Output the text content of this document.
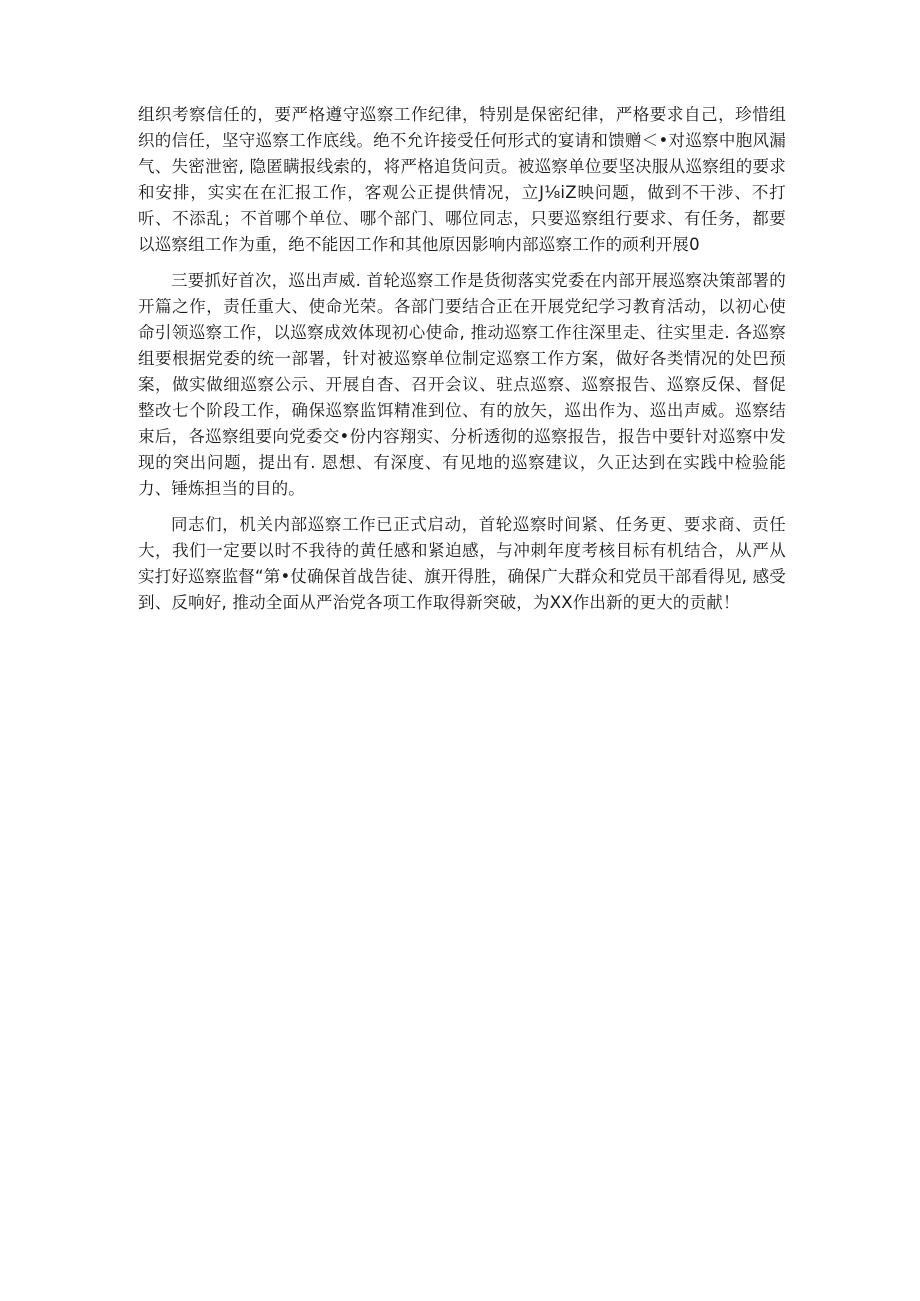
组织考察信任的，要严格遵守巡察工作纪律，特别是保密纪律，严格要求自己，珍惜组织的信任，坚守巡察工作底线。绝不允许接受任何形式的宴请和馈赠＜•对巡察中胞风漏气、失密泄密, 隐匿瞒报线索的，将严格追货问贡。被巡察单位要坚决服从巡察组的要求和安排，实实在在汇报工作，客观公正提供情况，立J⅛iZ映问题，做到不干涉、不打听、不添乱；不首哪个单位、哪个部门、哪位同志，只要巡察组行要求、有任务，都要以巡察组工作为重，绝不能因工作和其他原因影响内部巡察工作的顽利开展0

三要抓好首次，巡出声威. 首轮巡察工作是货彻落实党委在内部开展巡察决策部署的开篇之作，责任重大、使命光荣。各部门要结合正在开展党纪学习教育活动，以初心使命引领巡察工作，以巡察成效体现初心使命, 推动巡察工作往深里走、往实里走. 各巡察组要根据党委的统一部署，针对被巡察单位制定巡察工作方案，做好各类情况的处巴预案，做实做细巡察公示、开展自杳、召开会议、驻点巡察、巡察报告、巡察反保、督促整改七个阶段工作，确保巡察监饵精准到位、有的放矢，巡出作为、巡出声威。巡察结束后，各巡察组要向党委交•份内容翔实、分析透彻的巡察报告，报告中要针对巡察中发现的突出问题，提出有. 恩想、有深度、有见地的巡察建议，久正达到在实践中检验能力、锤炼担当的目的。

同志们，机关内部巡察工作已正式启动，首轮巡察时间紧、任务更、要求商、贡任大，我们一定要以时不我待的黄任感和紧迫感，与冲刺年度考核目标有机结合，从严从实打好巡察监督“第•仗确保首战告徒、旗开得胜，确保广大群众和党员干部看得见, 感受到、反响好, 推动全面从严治党各项工作取得新突破，为XX作出新的更大的贡献！
